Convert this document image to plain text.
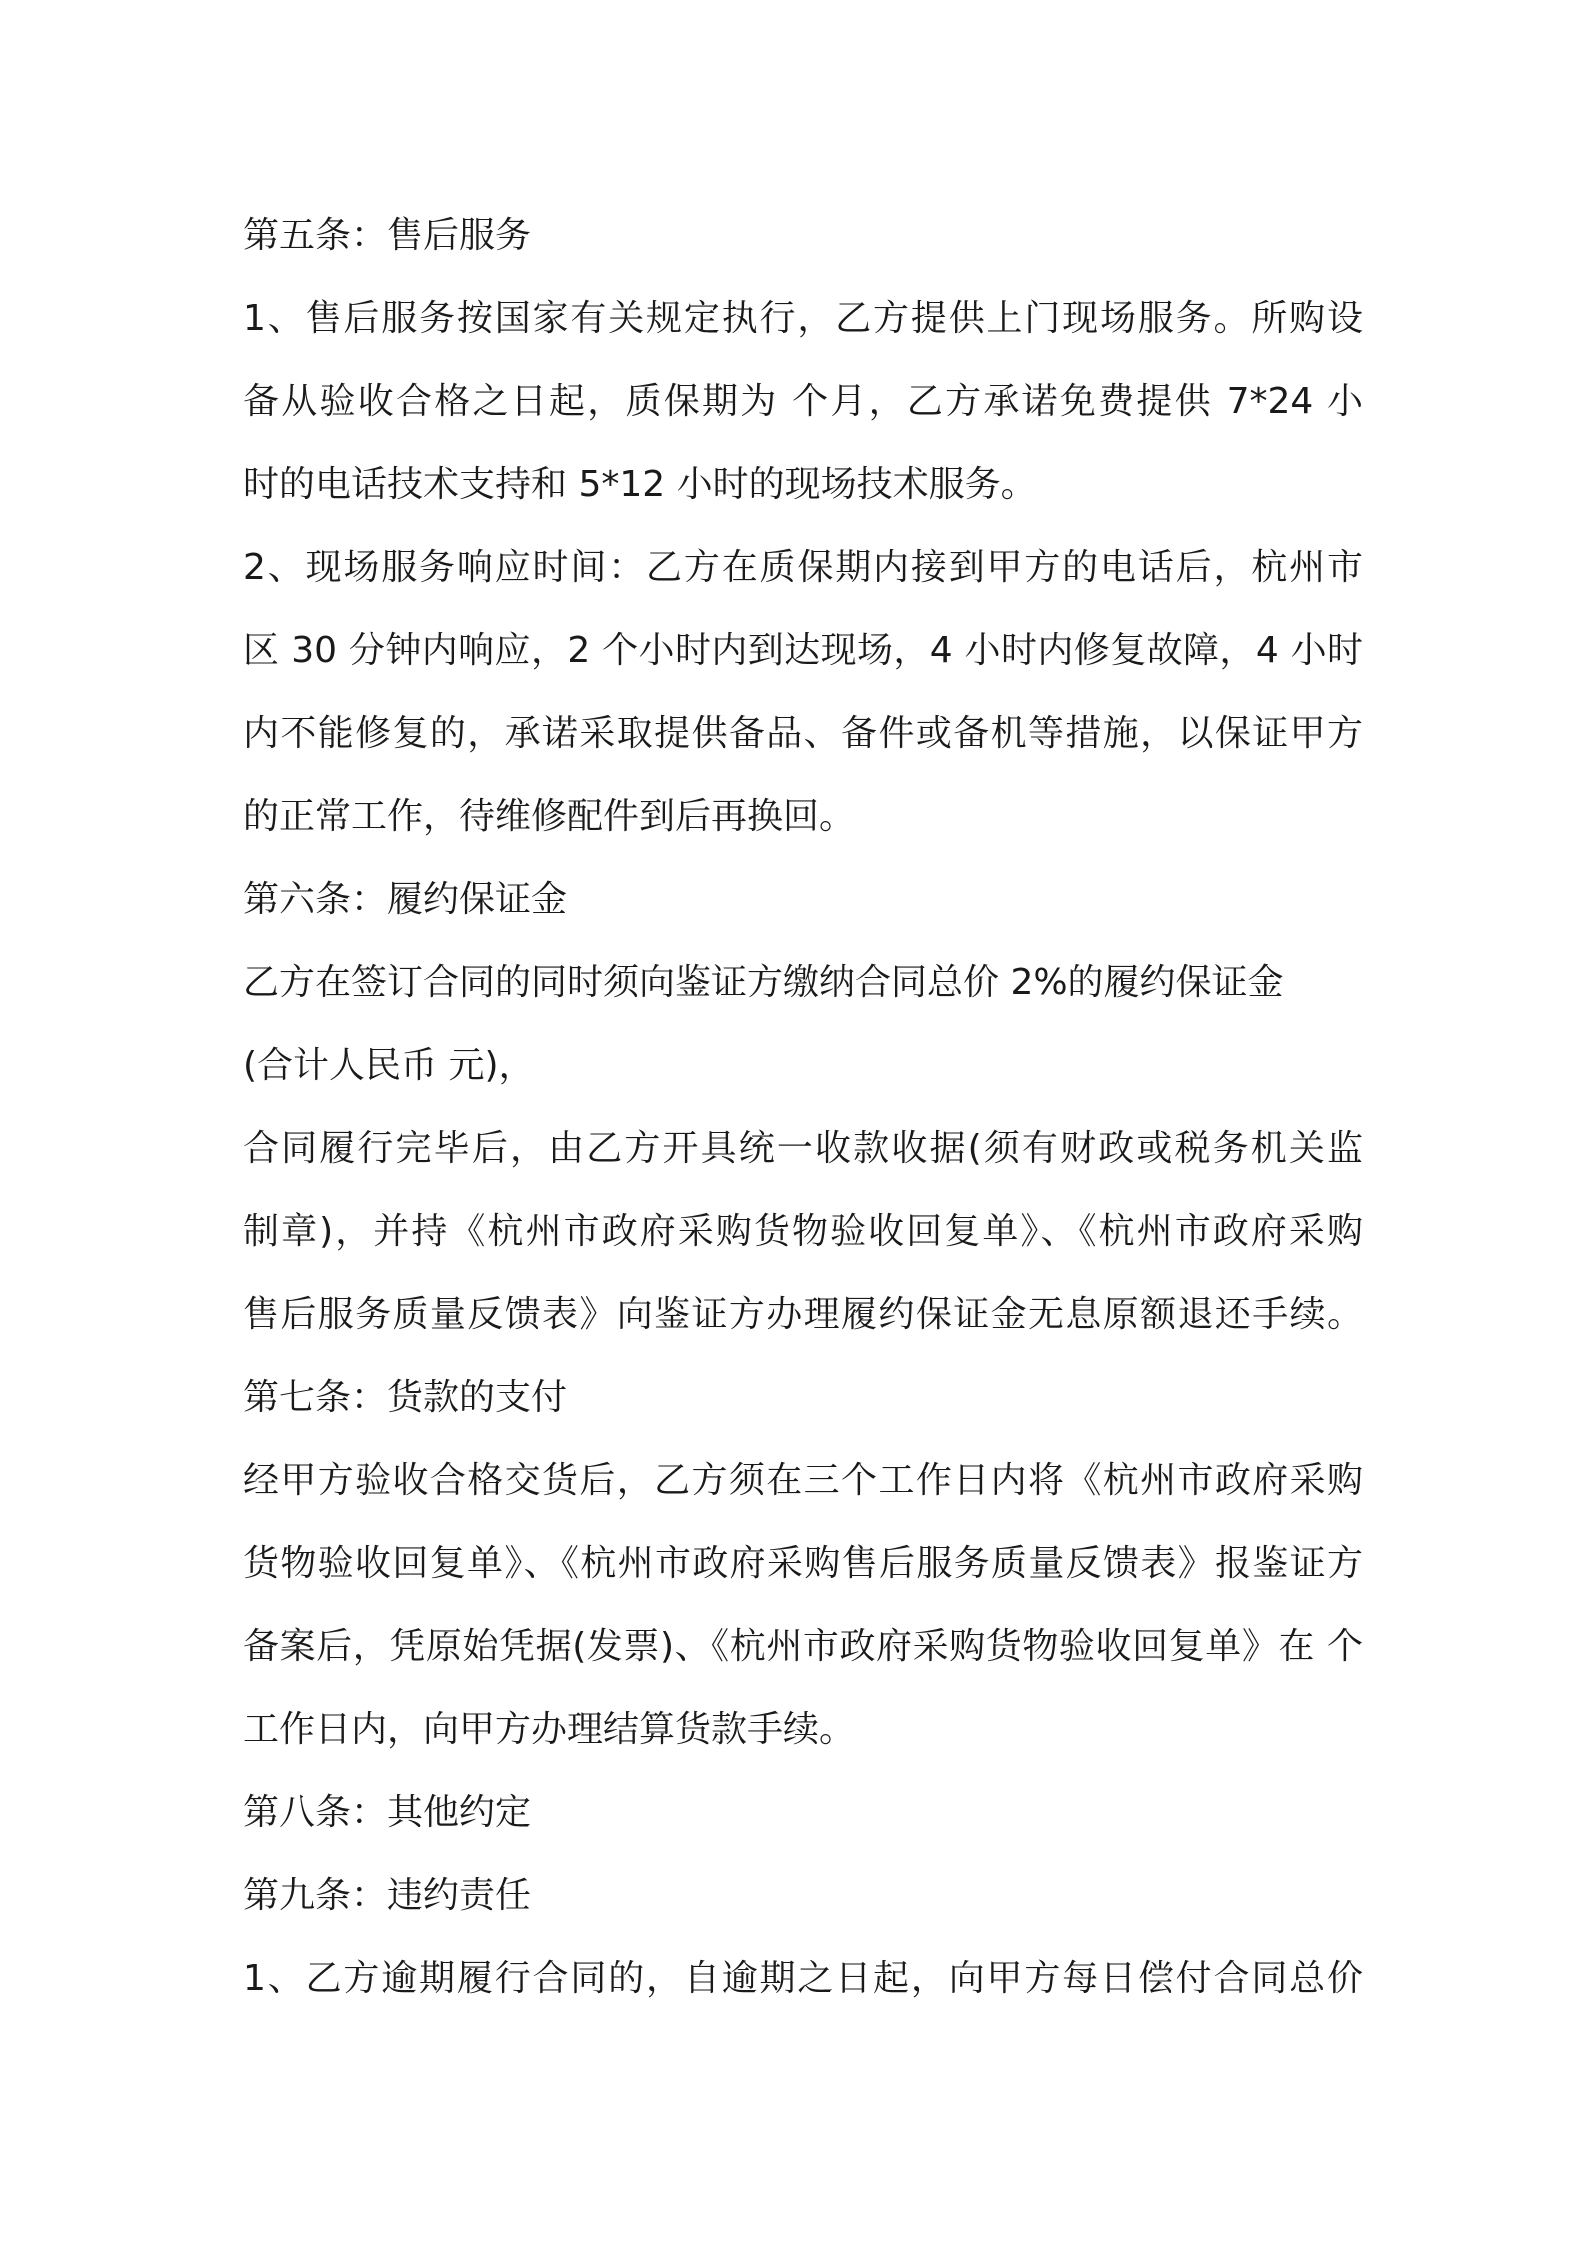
第五条：售后服务
1、售后服务按国家有关规定执行，乙方提供上门现场服务。所购设
备从验收合格之日起，质保期为 个月，乙方承诺免费提供 7*24 小
时的电话技术支持和 5*12 小时的现场技术服务。
2、现场服务响应时间：乙方在质保期内接到甲方的电话后，杭州市
区 30 分钟内响应，2 个小时内到达现场，4 小时内修复故障，4 小时
内不能修复的，承诺采取提供备品、备件或备机等措施，以保证甲方
的正常工作，待维修配件到后再换回。
第六条：履约保证金
乙方在签订合同的同时须向鉴证方缴纳合同总价 2%的履约保证金
(合计人民币 元)，
合同履行完毕后，由乙方开具统一收款收据(须有财政或税务机关监
制章)，并持《杭州市政府采购货物验收回复单》、《杭州市政府采购
售后服务质量反馈表》向鉴证方办理履约保证金无息原额退还手续。
第七条：货款的支付
经甲方验收合格交货后，乙方须在三个工作日内将《杭州市政府采购
货物验收回复单》、《杭州市政府采购售后服务质量反馈表》报鉴证方
备案后，凭原始凭据(发票)、《杭州市政府采购货物验收回复单》在 个
工作日内，向甲方办理结算货款手续。
第八条：其他约定
第九条：违约责任
1、乙方逾期履行合同的，自逾期之日起，向甲方每日偿付合同总价
